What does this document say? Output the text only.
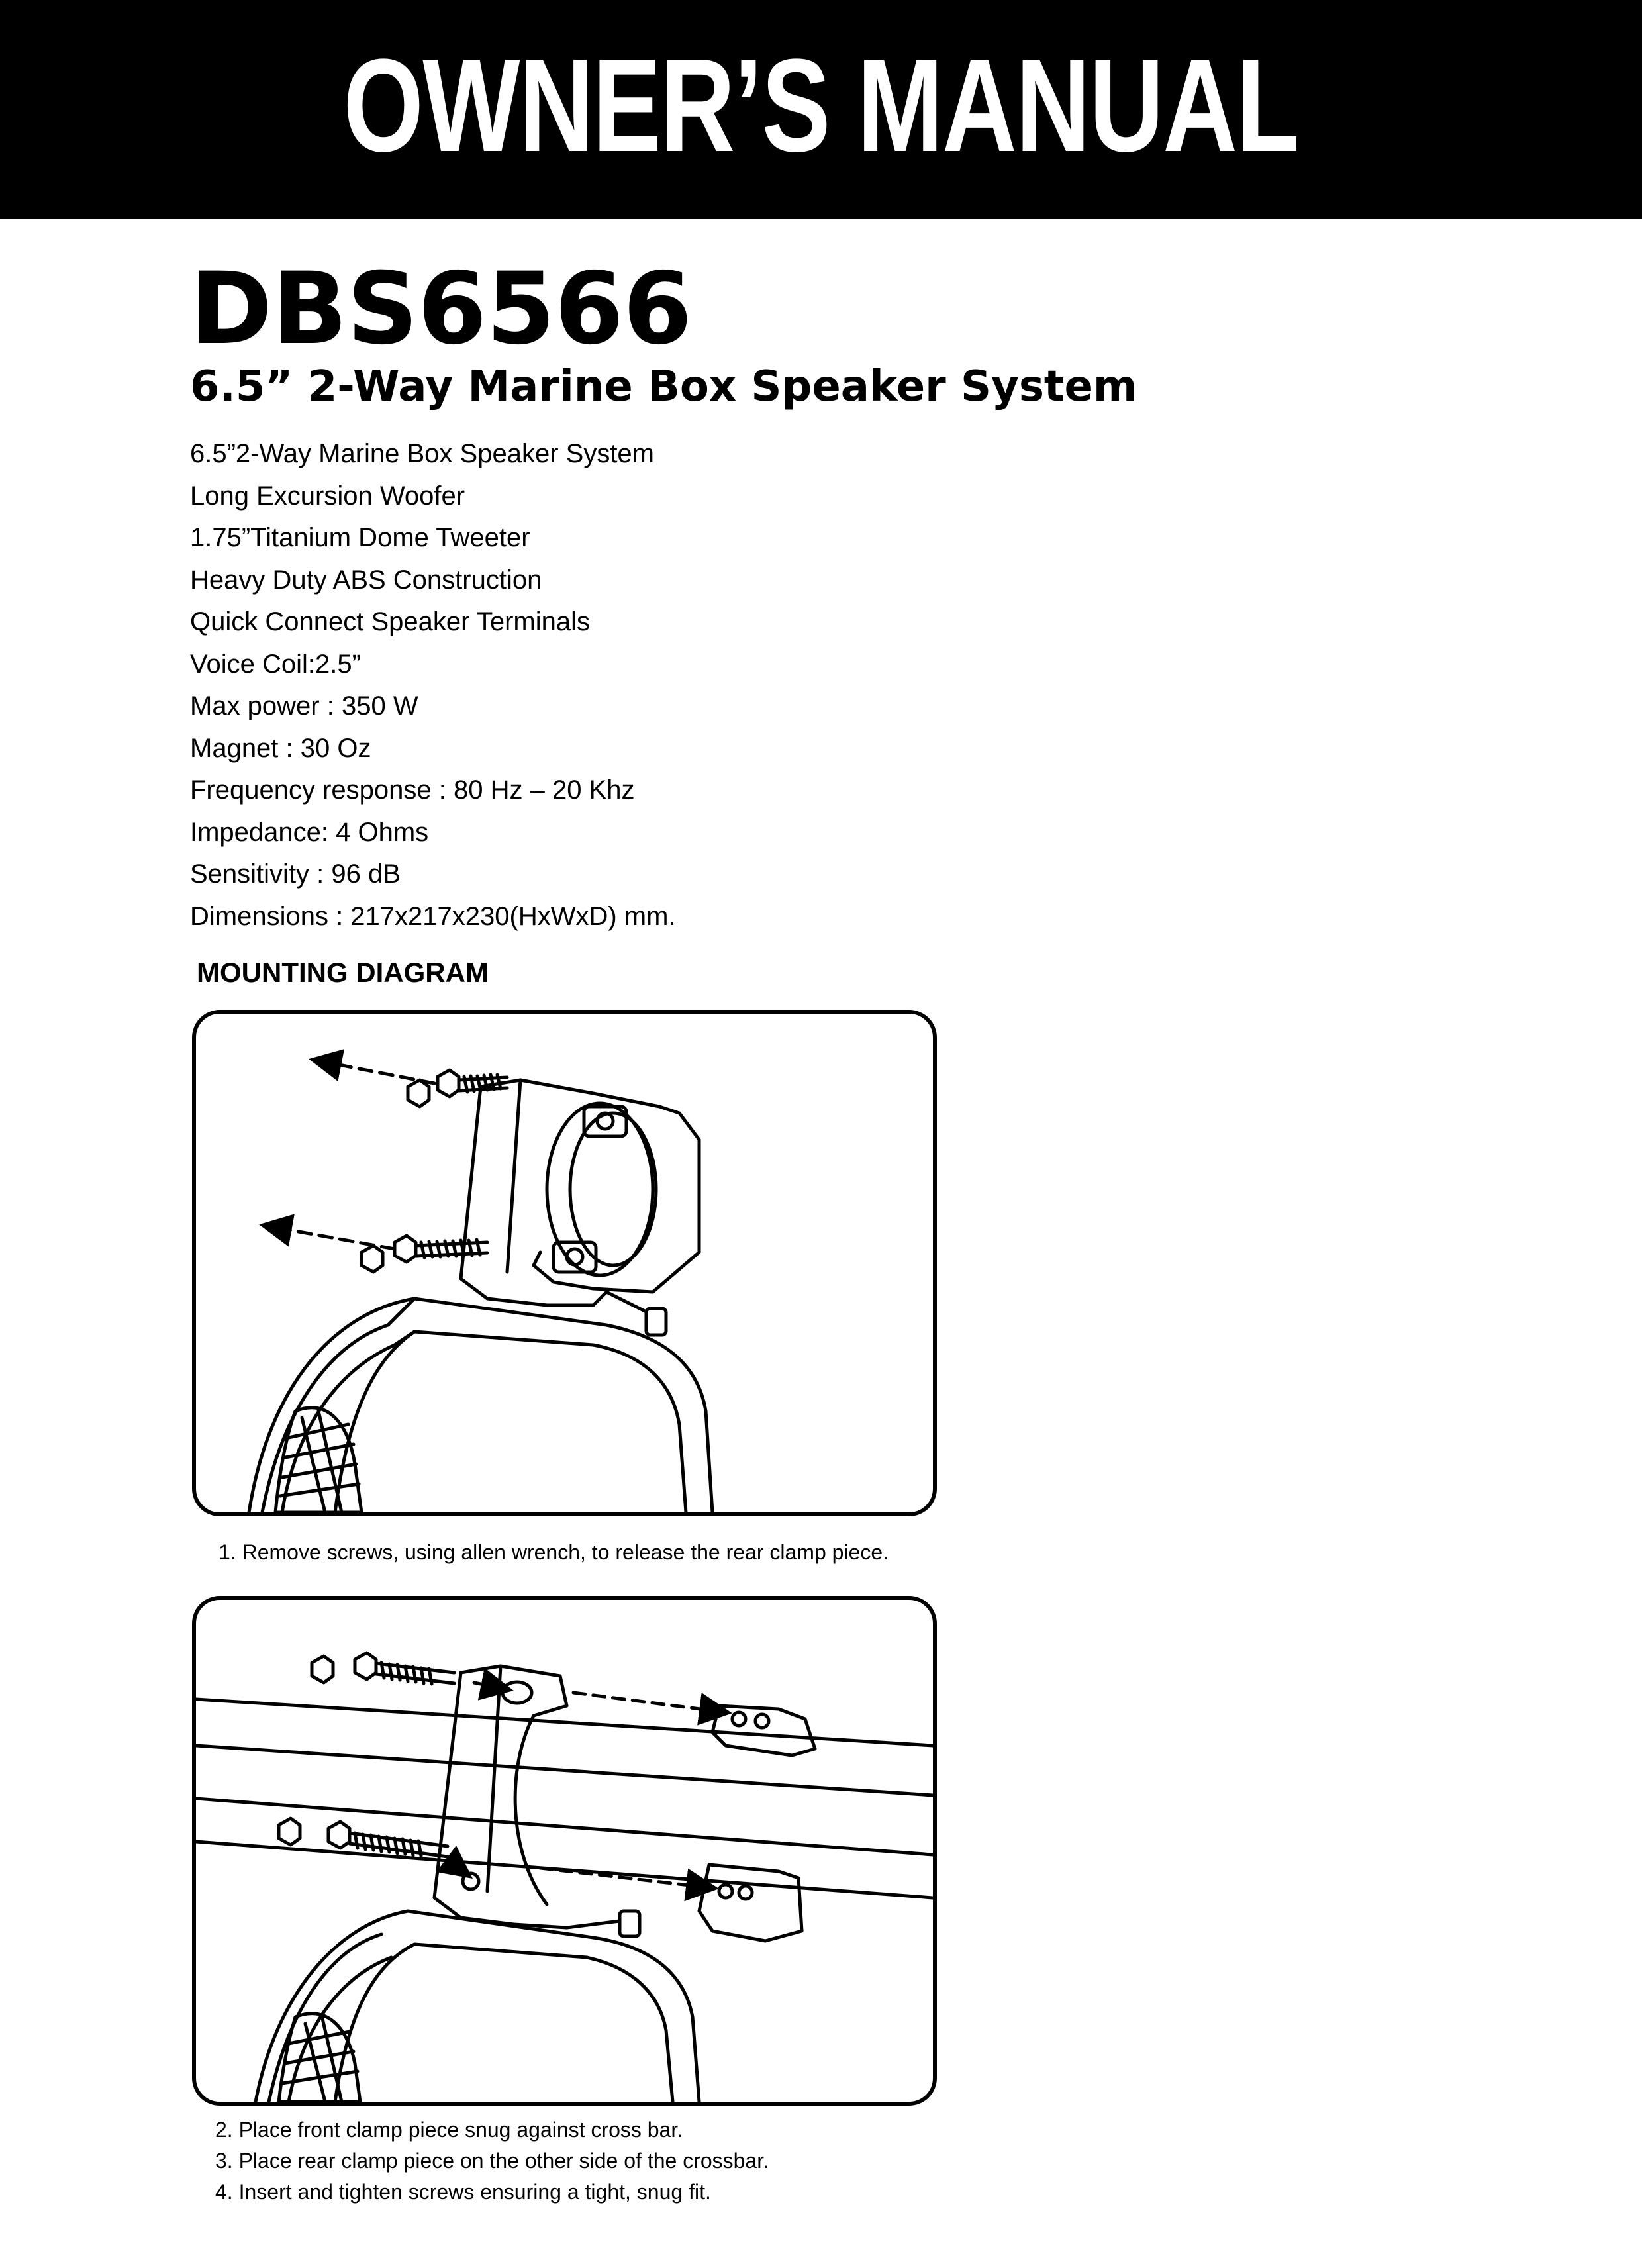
OWNER’S MANUAL
DBS6566
6.5” 2-Way Marine Box Speaker System
6.5”2-Way Marine Box Speaker System
Long Excursion Woofer
1.75”Titanium Dome Tweeter
Heavy Duty ABS Construction
Quick Connect Speaker Terminals
Voice Coil:2.5”
Max power : 350 W
Magnet : 30 Oz
Frequency response : 80 Hz – 20 Khz
Impedance: 4 Ohms
Sensitivity : 96 dB
Dimensions : 217x217x230(HxWxD) mm.
MOUNTING DIAGRAM
1. Remove screws, using allen wrench, to release the rear clamp piece.
2. Place front clamp piece snug against cross bar.
3. Place rear clamp piece on the other side of the crossbar.
4. Insert and tighten screws ensuring a tight, snug fit.
